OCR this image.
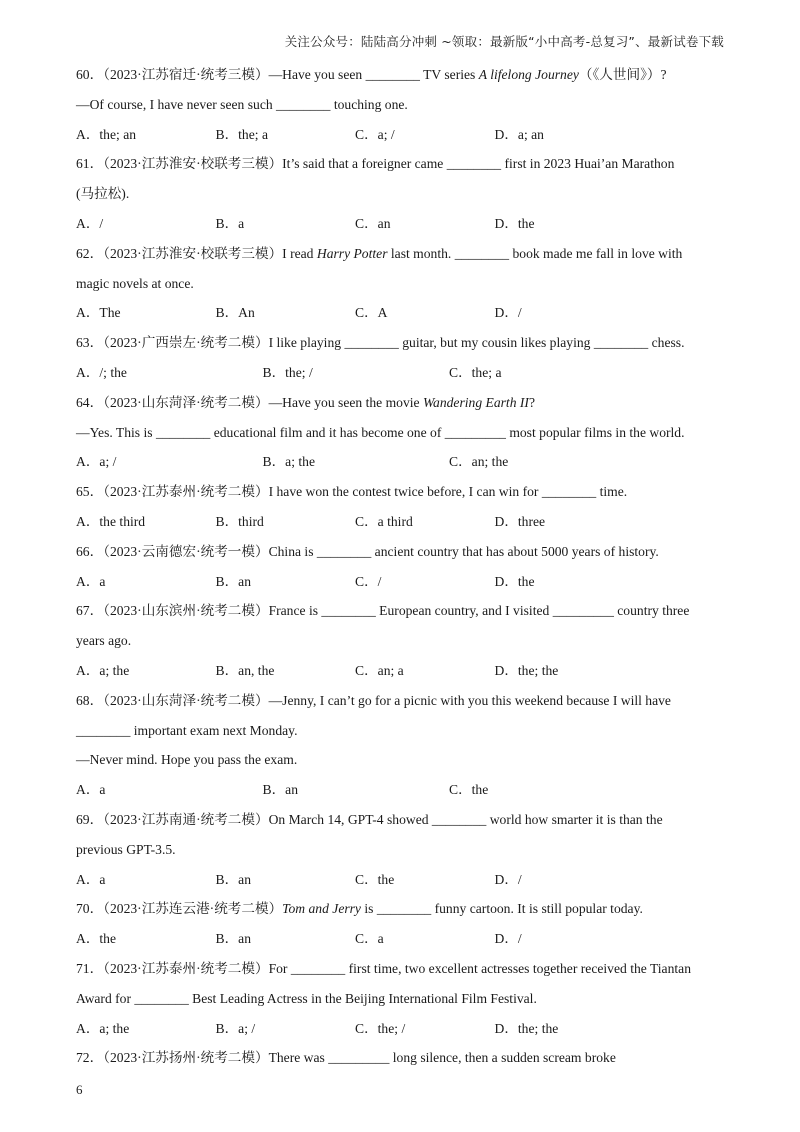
关注公众号：陆陆高分冲刺 ~领取：最新版“小中高考-总复习”、最新试卷下载
60．（2023·江苏宿迁·统考三模）—Have you seen ________ TV series A lifelong Journey（《人世间》）?
—Of course, I have never seen such ________ touching one.
A．the; an	B．the; a	C．a; /	D．a; an
61．（2023·江苏淮安·校联考三模）It’s said that a foreigner came ________ first in 2023 Huai’an Marathon
(马拉松).
A．/	B．a	C．an	D．the
62．（2023·江苏淮安·校联考三模）I read Harry Potter last month. ________ book made me fall in love with
magic novels at once.
A．The	B．An	C．A	D．/
63．（2023·广西崇左·统考二模）I like playing ________ guitar, but my cousin likes playing ________ chess.
A．/; the	B．the; /	C．the; a
64．（2023·山东菏泽·统考二模）—Have you seen the movie Wandering Earth II?
—Yes. This is ________ educational film and it has become one of _________ most popular films in the world.
A．a; /	B．a; the	C．an; the
65．（2023·江苏泰州·统考二模）I have won the contest twice before, I can win for ________ time.
A．the third	B．third	C．a third	D．three
66．（2023·云南德宏·统考一模）China is ________ ancient country that has about 5000 years of history.
A．a	B．an	C．/	D．the
67．（2023·山东滨州·统考二模）France is ________ European country, and I visited _________ country three
years ago.
A．a; the	B．an, the	C．an; a	D．the; the
68．（2023·山东菏泽·统考二模）—Jenny, I can’t go for a picnic with you this weekend because I will have
________ important exam next Monday.
—Never mind. Hope you pass the exam.
A．a	B．an	C．the
69．（2023·江苏南通·统考二模）On March 14, GPT-4 showed ________ world how smarter it is than the
previous GPT-3.5.
A．a	B．an	C．the	D．/
70．（2023·江苏连云港·统考二模）Tom and Jerry is ________ funny cartoon. It is still popular today.
A．the	B．an	C．a	D．/
71．（2023·江苏泰州·统考二模）For ________ first time, two excellent actresses together received the Tiantan
Award for ________ Best Leading Actress in the Beijing International Film Festival.
A．a; the	B．a; /	C．the; /	D．the; the
72．（2023·江苏扬州·统考二模）There was _________ long silence, then a sudden scream broke
6
